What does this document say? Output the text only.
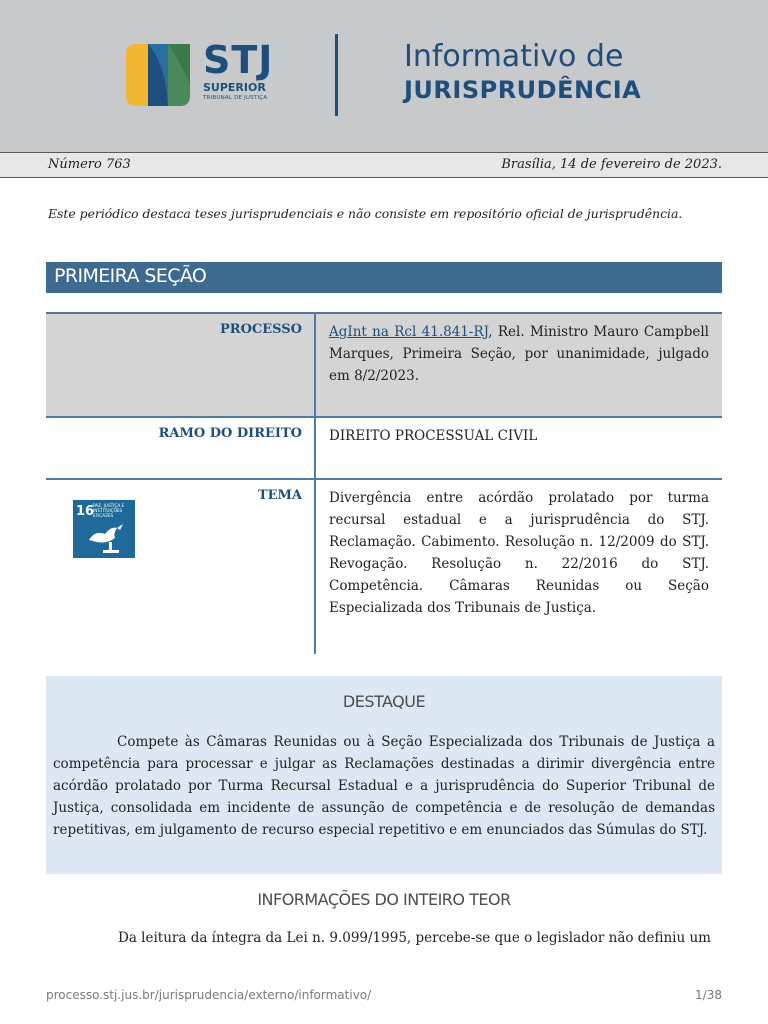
STJ
SUPERIOR
TRIBUNAL DE JUSTIÇA
Informativo de
JURISPRUDÊNCIA
Número 763	Brasília, 14 de fevereiro de 2023.
Este periódico destaca teses jurisprudenciais e não consiste em repositório oficial de jurisprudência.
PRIMEIRA SEÇÃO
PROCESSO AgInt na Rcl 41.841-RJ, Rel. Ministro Mauro Campbell Marques, Primeira Seção, por unanimidade, julgado em 8/2/2023.
RAMO DO DIREITO DIREITO PROCESSUAL CIVIL
16
PAZ, JUSTIÇA E
INSTITUIÇÕES
EFICAZES
TEMA Divergência entre acórdão prolatado por turma recursal estadual e a jurisprudência do STJ. Reclamação. Cabimento. Resolução n. 12/2009 do STJ. Revogação. Resolução n. 22/2016 do STJ. Competência. Câmaras Reunidas ou Seção Especializada dos Tribunais de Justiça.
DESTAQUE
Compete às Câmaras Reunidas ou à Seção Especializada dos Tribunais de Justiça a competência para processar e julgar as Reclamações destinadas a dirimir divergência entre acórdão prolatado por Turma Recursal Estadual e a jurisprudência do Superior Tribunal de Justiça, consolidada em incidente de assunção de competência e de resolução de demandas repetitivas, em julgamento de recurso especial repetitivo e em enunciados das Súmulas do STJ.
INFORMAÇÕES DO INTEIRO TEOR
Da leitura da íntegra da Lei n. 9.099/1995, percebe-se que o legislador não definiu um
processo.stj.jus.br/jurisprudencia/externo/informativo/	1/38
